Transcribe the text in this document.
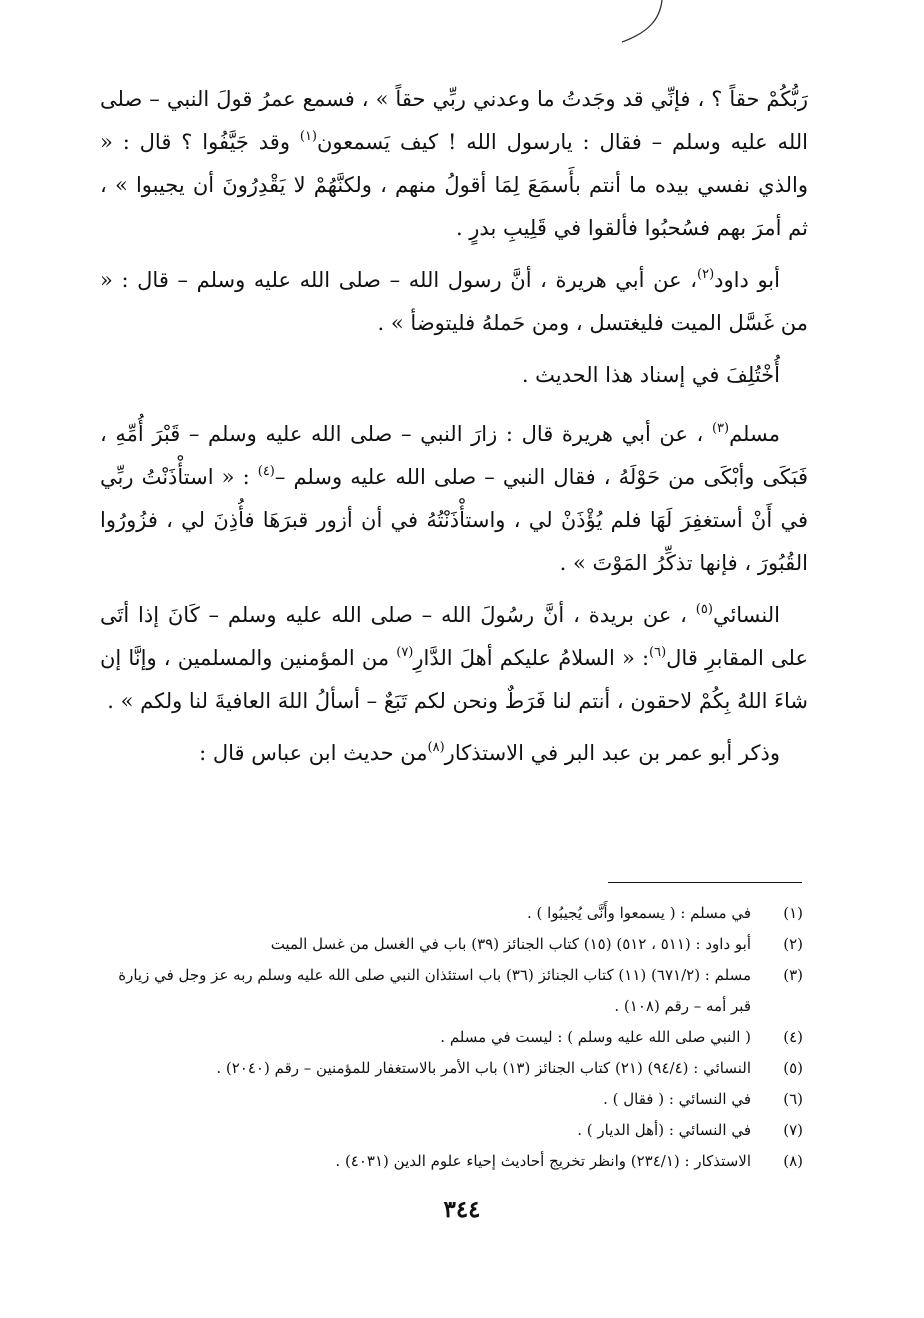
رَبُّكُمْ حقاً ؟ ، فإنِّي قد وجَدتُ ما وعدني ربِّي حقاً » ، فسمع عمرُ قولَ النبي – صلى الله عليه وسلم – فقال : يارسول الله ! كيف يَسمعون$^{(١)}$ وقد جَيَّفُوا ؟ قال : « والذي نفسي بيده ما أنتم بأَسمَعَ لِمَا أقولُ منهم ، ولكنَّهُمْ لا يَقْدِرُونَ أن يجيبوا » ، ثم أمرَ بهم فسُحبُوا فألقوا في قَلِيبِ بدرٍ .

أبو داود$^{(٢)}$، عن أبي هريرة ، أنَّ رسول الله – صلى الله عليه وسلم – قال : « من غَسَّل الميت فليغتسل ، ومن حَملهُ فليتوضأ » .

أُخْتُلِفَ في إسناد هذا الحديث .

مسلم$^{(٣)}$ ، عن أبي هريرة قال : زارَ النبي – صلى الله عليه وسلم – قَبْرَ أُمِّهِ ، فَبَكَى وأبْكَى من حَوْلَهُ ، فقال النبي – صلى الله عليه وسلم –$^{(٤)}$ : « استأْذَنْتُ ربِّي في أَنْ أستغفِرَ لَهَا فلم يُؤْذَنْ لي ، واستأْذَنْتُهُ في أن أزور قبرَهَا فأُذِنَ لي ، فزُورُوا القُبُورَ ، فإنها تذكِّرُ المَوْتَ » .

النسائي$^{(٥)}$ ، عن بريدة ، أنَّ رسُولَ الله – صلى الله عليه وسلم – كَانَ إذا أتَى على المقابرِ قال$^{(٦)}$: « السلامُ عليكم أهلَ الدَّارِ$^{(٧)}$ من المؤمنين والمسلمين ، وإنَّا إن شاءَ اللهُ بِكُمْ لاحقون ، أنتم لنا فَرَطٌ ونحن لكم تَبَعٌ – أسألُ اللهَ العافيةَ لنا ولكم » .

وذكر أبو عمر بن عبد البر في الاستذكار$^{(٨)}$من حديث ابن عباس قال :

(١)
في مسلم : ( يسمعوا وأَنَّى يُجيبُوا ) .
(٢)
أبو داود : (٥١١ ، ٥١٢) (١٥) كتاب الجنائز (٣٩) باب في الغسل من غسل الميت
(٣)
مسلم : (٦٧١/٢) (١١) كتاب الجنائز (٣٦) باب استئذان النبي صلى الله عليه وسلم ربه عز وجل في زيارة قبر أمه – رقم (١٠٨) .
(٤)
( النبي صلى الله عليه وسلم ) : ليست في مسلم .
(٥)
النسائي : (٩٤/٤) (٢١) كتاب الجنائز (١٣) باب الأمر بالاستغفار للمؤمنين – رقم (٢٠٤٠) .
(٦)
في النسائي : ( فقال ) .
(٧)
في النسائي : (أهل الديار ) .
(٨)
الاستذكار : (٢٣٤/١) وانظر تخريج أحاديث إحياء علوم الدين (٤٠٣١) .
٣٤٤
